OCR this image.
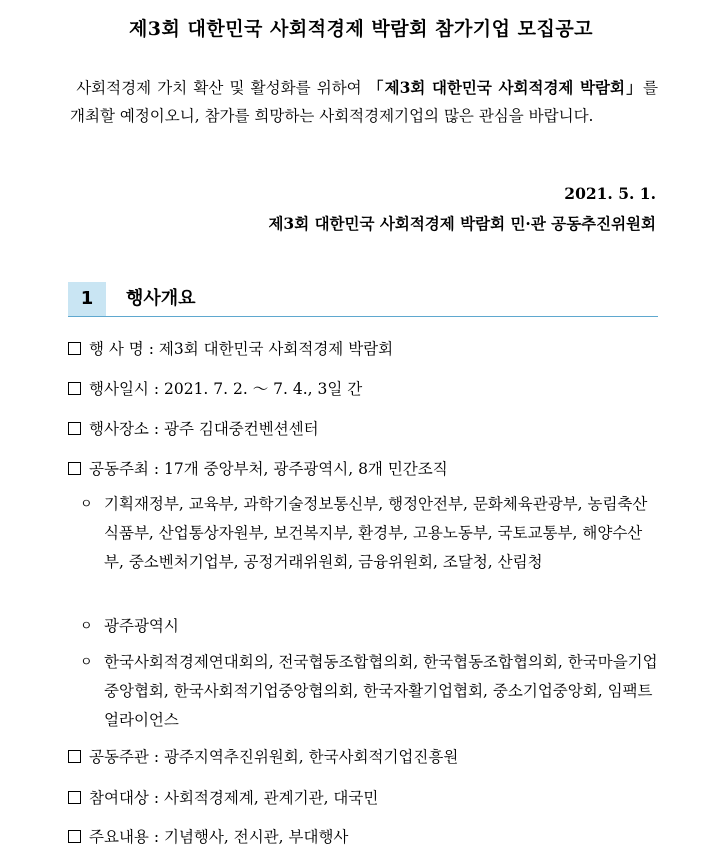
제3회 대한민국 사회적경제 박람회 참가기업 모집공고
사회적경제 가치 확산 및 활성화를 위하여 「제3회 대한민국 사회적경제 박람회」를 개최할 예정이오니, 참가를 희망하는 사회적경제기업의 많은 관심을 바랍니다.
2021. 5. 1.
제3회 대한민국 사회적경제 박람회 민·관 공동추진위원회
1	행사개요
행 사 명 : 제3회 대한민국 사회적경제 박람회
행사일시 : 2021. 7. 2. ～ 7. 4., 3일 간
행사장소 : 광주 김대중컨벤션센터
공동주최 : 17개 중앙부처, 광주광역시, 8개 민간조직
ㅇ 기획재정부, 교육부, 과학기술정보통신부, 행정안전부, 문화체육관광부, 농림축산식품부, 산업통상자원부, 보건복지부, 환경부, 고용노동부, 국토교통부, 해양수산부, 중소벤처기업부, 공정거래위원회, 금융위원회, 조달청, 산림청
ㅇ 광주광역시
ㅇ 한국사회적경제연대회의, 전국협동조합협의회, 한국협동조합협의회, 한국마을기업중앙협회, 한국사회적기업중앙협의회, 한국자활기업협회, 중소기업중앙회, 임팩트얼라이언스
공동주관 : 광주지역추진위원회, 한국사회적기업진흥원
참여대상 : 사회적경제계, 관계기관, 대국민
주요내용 : 기념행사, 전시관, 부대행사
